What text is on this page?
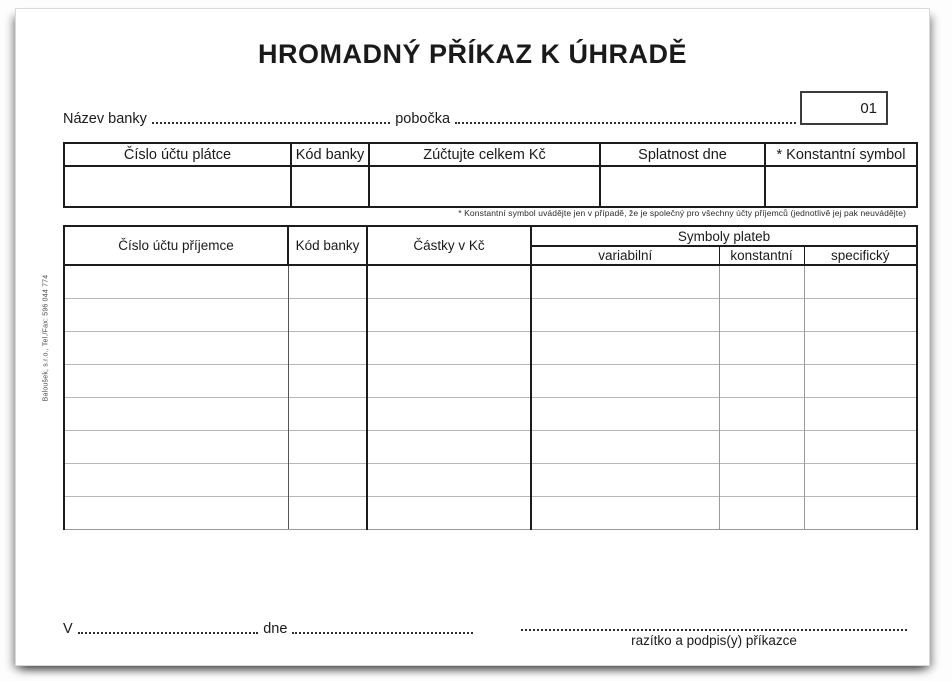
HROMADNÝ PŘÍKAZ K ÚHRADĚ
01
Název banky	pobočka
Číslo účtu plátce	Kód banky	Zúčtujte celkem Kč	Splatnost dne	* Konstantní symbol

* Konstantní symbol uvádějte jen v případě, že je společný pro všechny účty příjemců (jednotlivě jej pak neuvádějte)
Číslo účtu příjemce	Kód banky	Částky v Kč	Symboly plateb		
			variabilní	konstantní	specifický

Baloušek, s.r.o., Tel./Fax: 596 044 774
V	dne
razítko a podpis(y) příkazce
